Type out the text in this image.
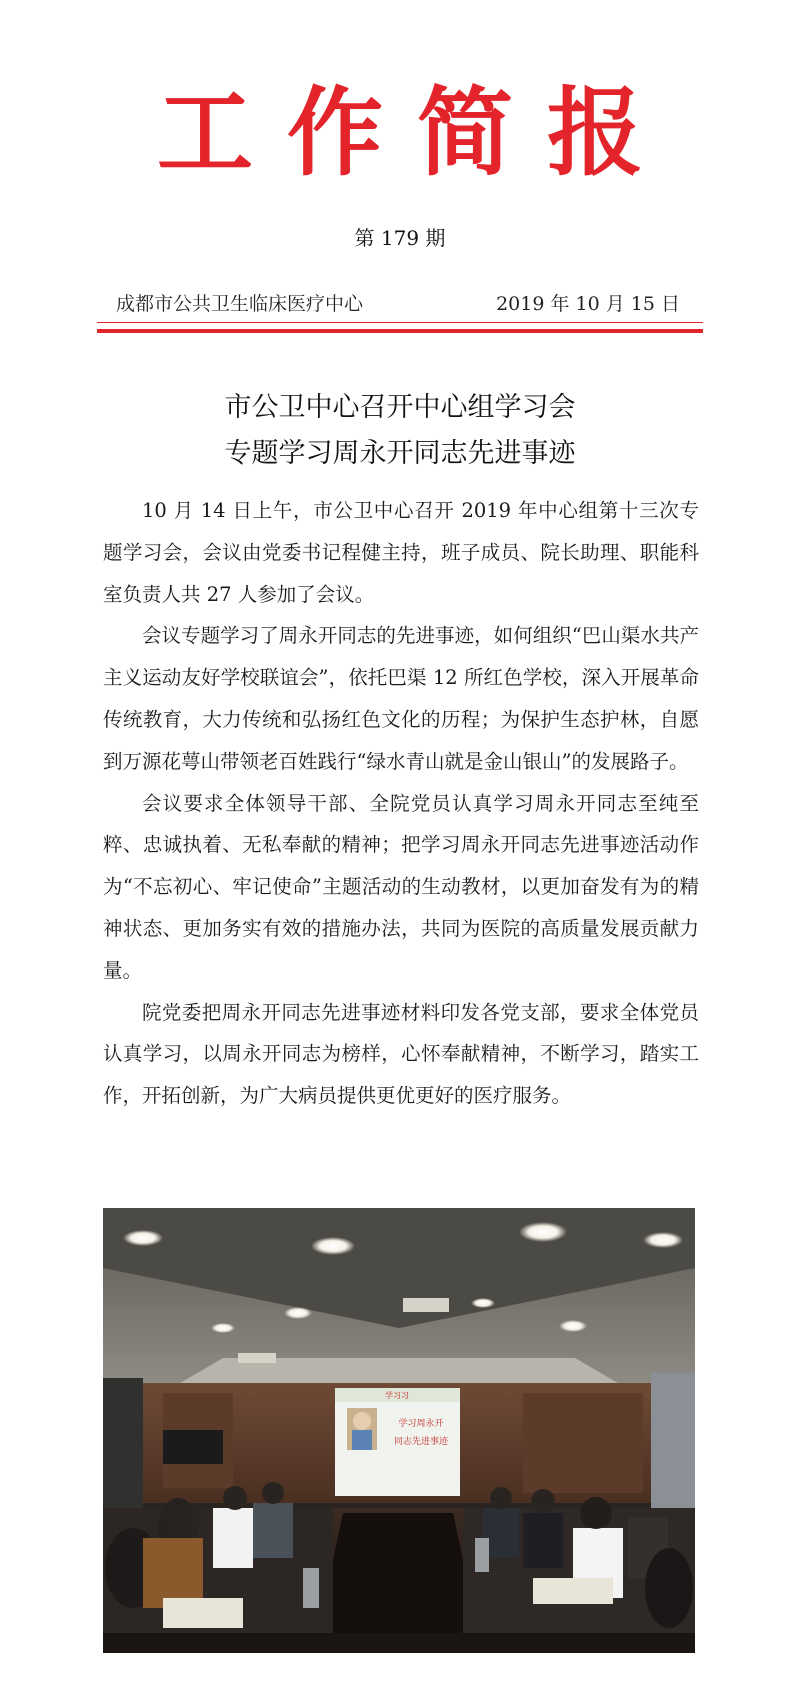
工作简报
第 179 期
成都市公共卫生临床医疗中心	2019 年 10 月 15 日
市公卫中心召开中心组学习会
专题学习周永开同志先进事迹

10 月 14 日上午，市公卫中心召开 2019 年中心组第十三次专题学习会，会议由党委书记程健主持，班子成员、院长助理、职能科室负责人共 27 人参加了会议。

会议专题学习了周永开同志的先进事迹，如何组织“巴山渠水共产主义运动友好学校联谊会”，依托巴渠 12 所红色学校，深入开展革命传统教育，大力传统和弘扬红色文化的历程；为保护生态护林，自愿到万源花萼山带领老百姓践行“绿水青山就是金山银山”的发展路子。

会议要求全体领导干部、全院党员认真学习周永开同志至纯至粹、忠诚执着、无私奉献的精神；把学习周永开同志先进事迹活动作为“不忘初心、牢记使命”主题活动的生动教材，以更加奋发有为的精神状态、更加务实有效的措施办法，共同为医院的高质量发展贡献力量。

院党委把周永开同志先进事迹材料印发各党支部，要求全体党员认真学习，以周永开同志为榜样，心怀奉献精神，不断学习，踏实工作，开拓创新，为广大病员提供更优更好的医疗服务。

学习习
学习周永开
同志先进事迹
